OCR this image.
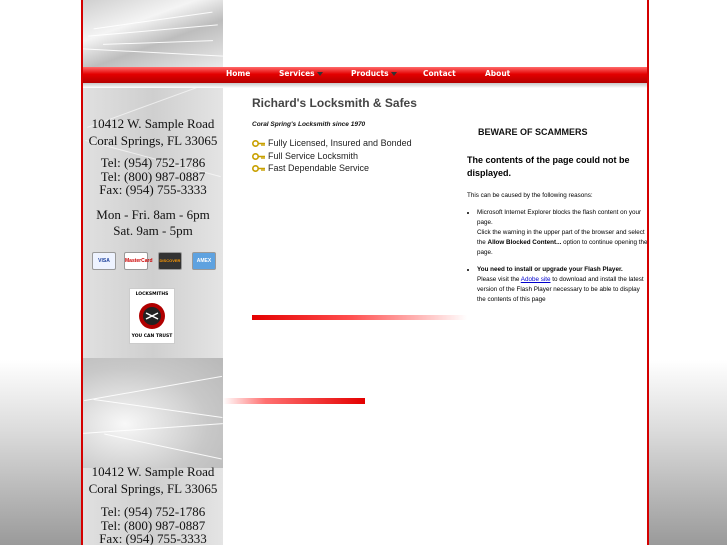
Home	Services	Products	Contact	About
10412 W. Sample Road
Coral Springs, FL 33065
Tel: (954) 752-1786
Tel: (800) 987-0887
Fax: (954) 755-3333
Mon - Fri. 8am - 6pm
Sat. 9am - 5pm
VISA	MasterCard	DISCOVER	AMEX
LOCKSMITHS
YOU CAN TRUST
10412 W. Sample Road
Coral Springs, FL 33065
Tel: (954) 752-1786
Tel: (800) 987-0887
Fax: (954) 755-3333
Richard's Locksmith & Safes
Coral Spring's Locksmith since 1970
Fully Licensed, Insured and Bonded
Full Service Locksmith
Fast Dependable Service
BEWARE OF SCAMMERS
The contents of the page could not be displayed.
This can be caused by the following reasons:
• Microsoft Internet Explorer blocks the flash content on your page.
Click the warning in the upper part of the browser and select the Allow Blocked Content... option to continue opening the page.
• You need to install or upgrade your Flash Player.
Please visit the Adobe site to download and install the latest version of the Flash Player necessary to be able to display the contents of this page
